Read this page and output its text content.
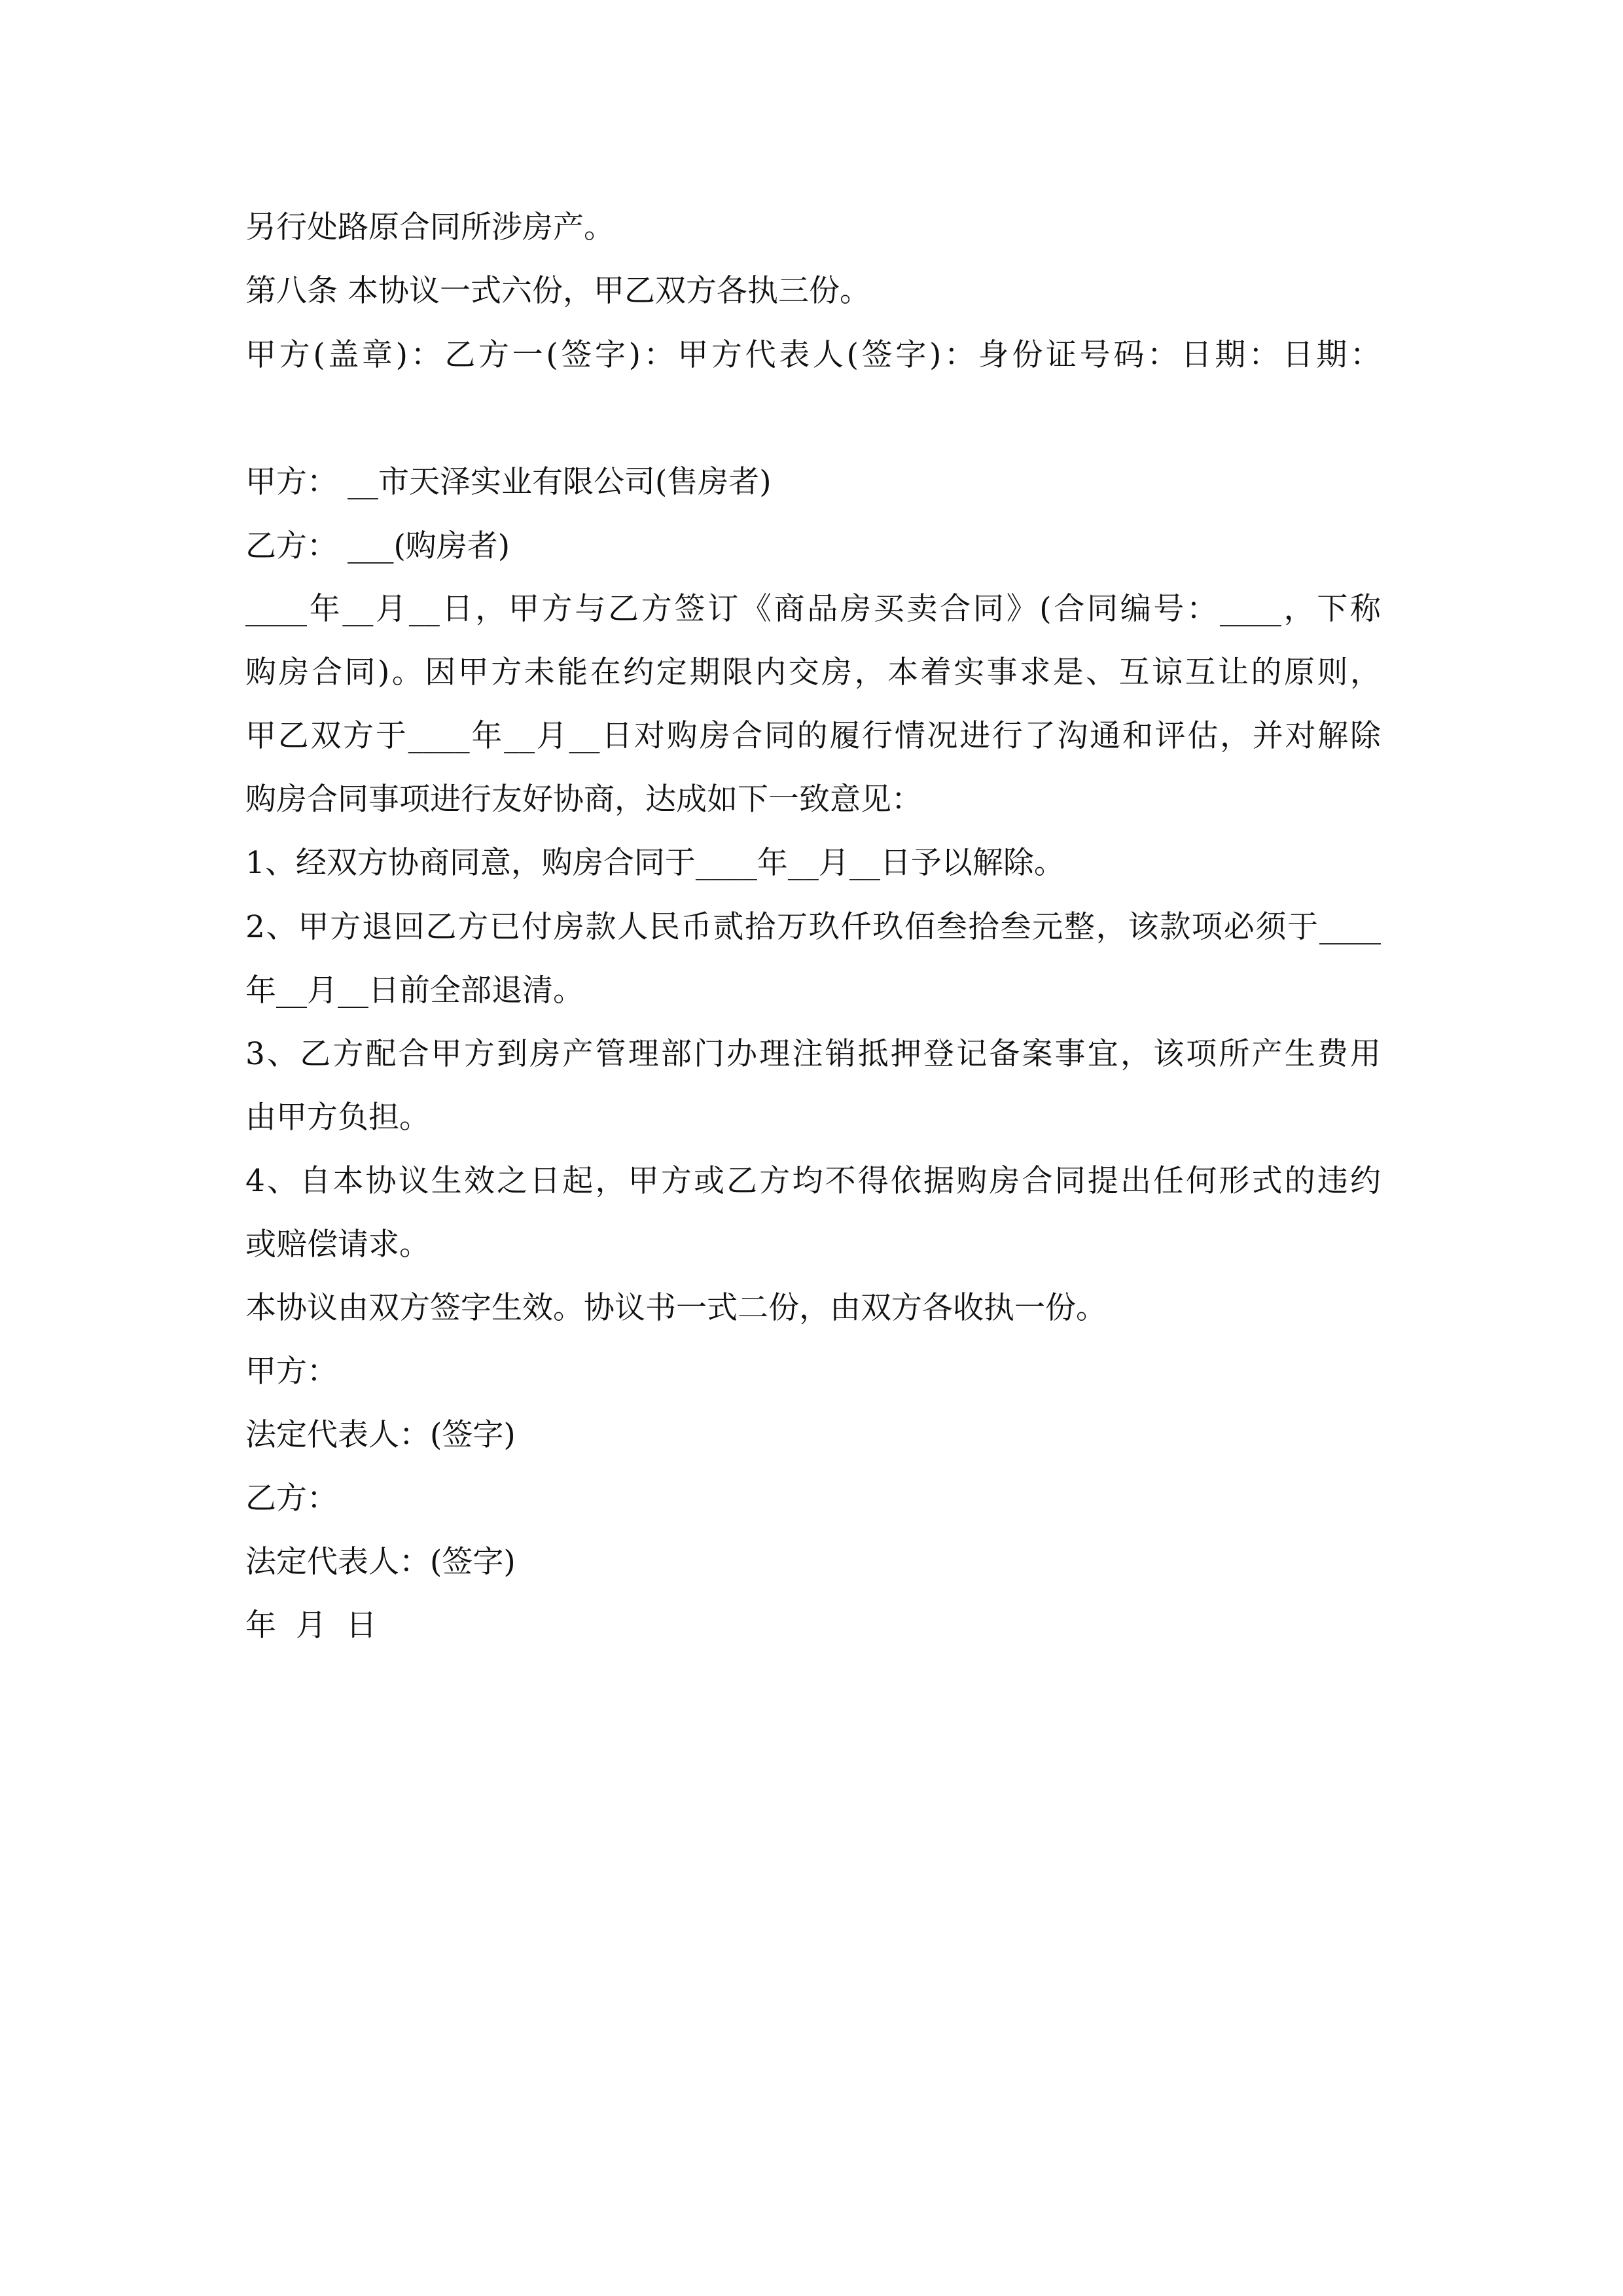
另行处路原合同所涉房产。
第八条 本协议一式六份，甲乙双方各执三份。
甲方(盖章)：乙方一(签字)：甲方代表人(签字)：身份证号码：日期：日期：
甲方： __市天泽实业有限公司(售房者)
乙方： ___(购房者)
____年__月__日，甲方与乙方签订《商品房买卖合同》(合同编号：____，下称
购房合同)。因甲方未能在约定期限内交房，本着实事求是、互谅互让的原则，
甲乙双方于____年__月__日对购房合同的履行情况进行了沟通和评估，并对解除
购房合同事项进行友好协商，达成如下一致意见：
1、经双方协商同意，购房合同于____年__月__日予以解除。
2、甲方退回乙方已付房款人民币贰拾万玖仟玖佰叁拾叁元整，该款项必须于____
年__月__日前全部退清。
3、乙方配合甲方到房产管理部门办理注销抵押登记备案事宜，该项所产生费用
由甲方负担。
4、自本协议生效之日起，甲方或乙方均不得依据购房合同提出任何形式的违约
或赔偿请求。
本协议由双方签字生效。协议书一式二份，由双方各收执一份。
甲方：
法定代表人：(签字)
乙方：
法定代表人：(签字)
年  月  日
